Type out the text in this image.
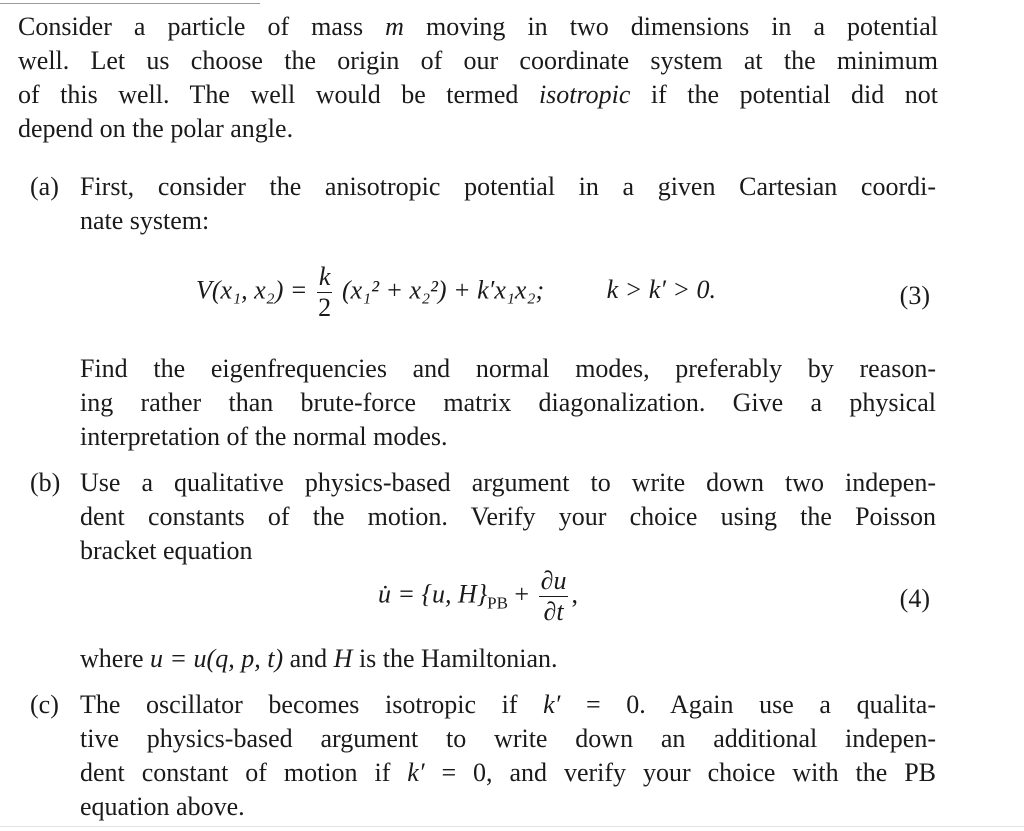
Consider a particle of mass m moving in two dimensions in a potential
well. Let us choose the origin of our coordinate system at the minimum
of this well. The well would be termed isotropic if the potential did not
depend on the polar angle.
(a) First, consider the anisotropic potential in a given Cartesian coordi-
nate system:
V(x₁, $x_2) = \frac{k}{2} (x_1^2 + x_2^2) + k'x_1x_2$; k > k′ > 0.	(3)
Find the eigenfrequencies and normal modes, preferably by reason-
ing rather than brute-force matrix diagonalization. Give a physical
interpretation of the normal modes.
(b) Use a qualitative physics-based argument to write down two indepen-
dent constants of the motion. Verify your choice using the Poisson
bracket equation
u̇ = {u, $H\}_{PB} + \frac{\partial u}{\partial t}$ ,	(4)
where u = u(q, p, t) and H is the Hamiltonian.
(c) The oscillator becomes isotropic if k′ = 0. Again use a qualita-
tive physics-based argument to write down an additional indepen-
dent constant of motion if k′ = 0, and verify your choice with the PB
equation above.
